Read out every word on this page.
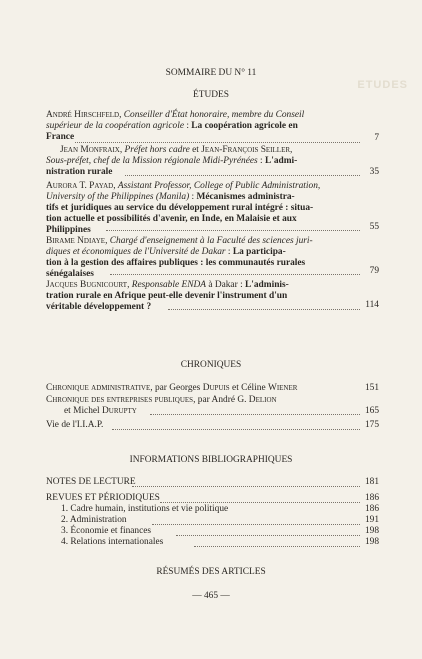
ETUDES
SOMMAIRE DU N° 11
ÉTUDES
André Hirschfeld, Conseiller d'État honoraire, membre du Conseil
supérieur de la coopération agricole : La coopération agricole en
France	7
Jean Monfraix, Préfet hors cadre et Jean-François Seiller,
Sous-préfet, chef de la Mission régionale Midi-Pyrénées : L'admi-
nistration rurale	35
Aurora T. Payad, Assistant Professor, College of Public Administration,
University of the Philippines (Manila) : Mécanismes administra-
tifs et juridiques au service du développement rural intégré : situa-
tion actuelle et possibilités d'avenir, en Inde, en Malaisie et aux
Philippines	55
Birame Ndiaye, Chargé d'enseignement à la Faculté des sciences juri-
diques et économiques de l'Université de Dakar : La participa-
tion à la gestion des affaires publiques : les communautés rurales
sénégalaises	79
Jacques Bugnicourt, Responsable ENDA à Dakar : L'adminis-
tration rurale en Afrique peut-elle devenir l'instrument d'un
véritable développement ?	114
CHRONIQUES
Chronique administrative, par Georges Dupuis et Céline Wiener	151
Chronique des entreprises publiques, par André G. Delion
et Michel Durupty	165
Vie de l'I.I.A.P.	175
INFORMATIONS BIBLIOGRAPHIQUES
NOTES DE LECTURE	181
REVUES ET PÉRIODIQUES	186
1. Cadre humain, institutions et vie politique	186
2. Administration	191
3. Économie et finances	198
4. Relations internationales	198
RÉSUMÉS DES ARTICLES
— 465 —
